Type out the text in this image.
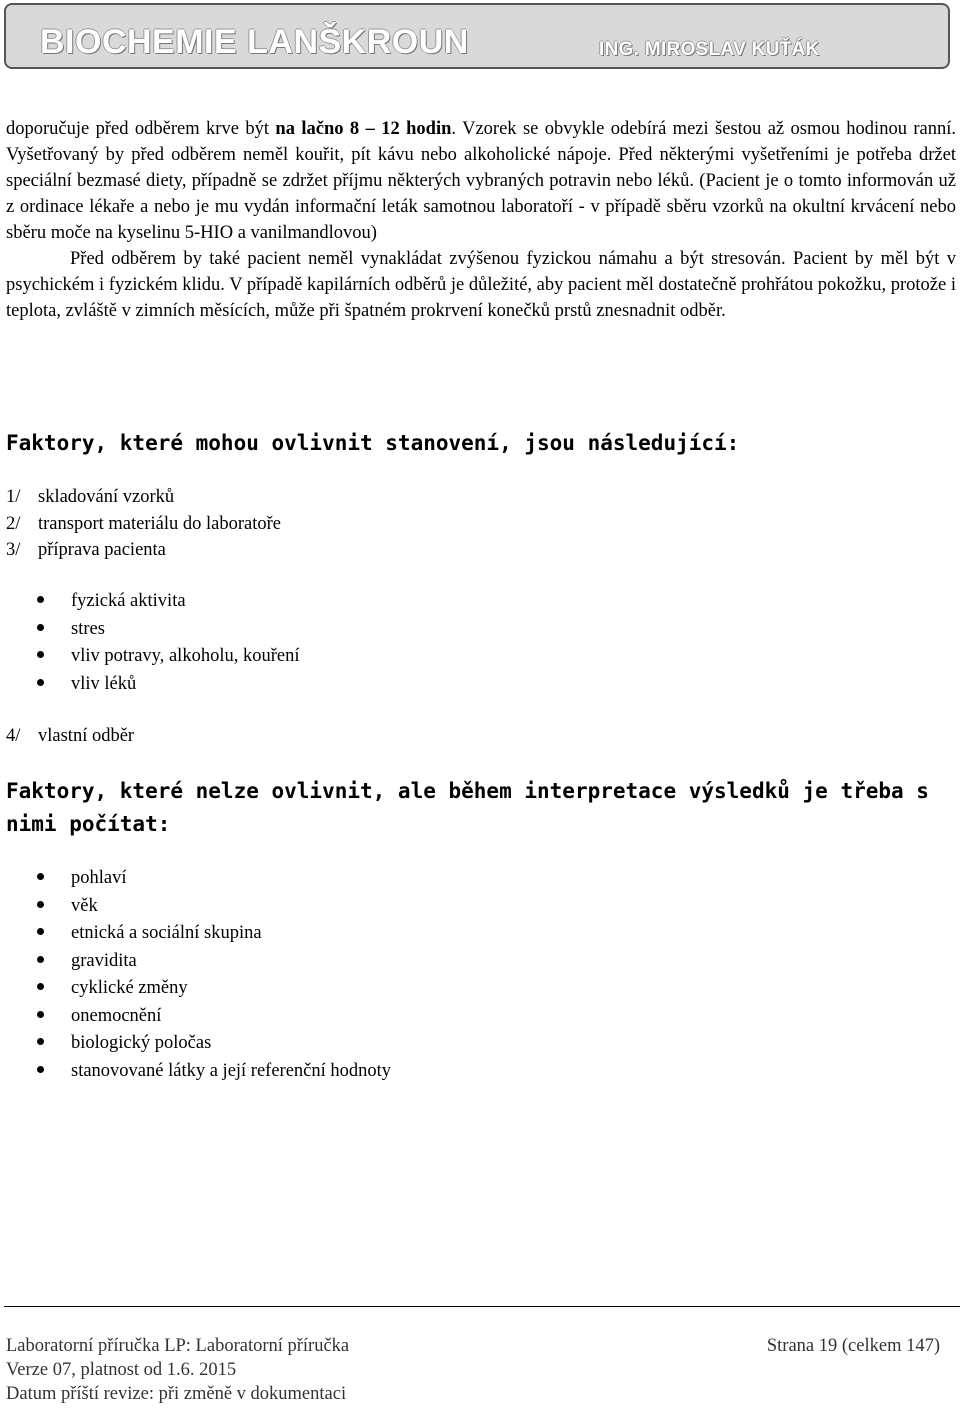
BIOCHEMIE LANŠKROUN	ING. MIROSLAV KUŤÁK

doporučuje před odběrem krve být na lačno 8 – 12 hodin. Vzorek se obvykle odebírá mezi šestou až osmou hodinou ranní. Vyšetřovaný by před odběrem neměl kouřit, pít kávu nebo alkoholické nápoje. Před některými vyšetřeními je potřeba držet speciální bezmasé diety, případně se zdržet příjmu některých vybraných potravin nebo léků. (Pacient je o tomto informován už z ordinace lékaře a nebo je mu vydán informační leták samotnou laboratoří - v případě sběru vzorků na okultní krvácení nebo sběru moče na kyselinu 5-HIO a vanilmandlovou)

Před odběrem by také pacient neměl vynakládat zvýšenou fyzickou námahu a být stresován. Pacient by měl být v psychickém i fyzickém klidu. V případě kapilárních odběrů je důležité, aby pacient měl dostatečně prohřátou pokožku, protože i teplota, zvláště v zimních měsících, může při špatném prokrvení konečků prstů znesnadnit odběr.

Faktory, které mohou ovlivnit stanovení, jsou následující:
1/ skladování vzorků
2/ transport materiálu do laboratoře
3/ příprava pacienta
fyzická aktivita
stres
vliv potravy, alkoholu, kouření
vliv léků
4/ vlastní odběr
Faktory, které nelze ovlivnit, ale během interpretace výsledků je třeba s nimi počítat:
pohlaví
věk
etnická a sociální skupina
gravidita
cyklické změny
onemocnění
biologický poločas
stanovované látky a její referenční hodnoty
Laboratorní příručka LP: Laboratorní příručka	Strana 19 (celkem 147)
Verze 07, platnost od 1.6. 2015
Datum příští revize: při změně v dokumentaci
